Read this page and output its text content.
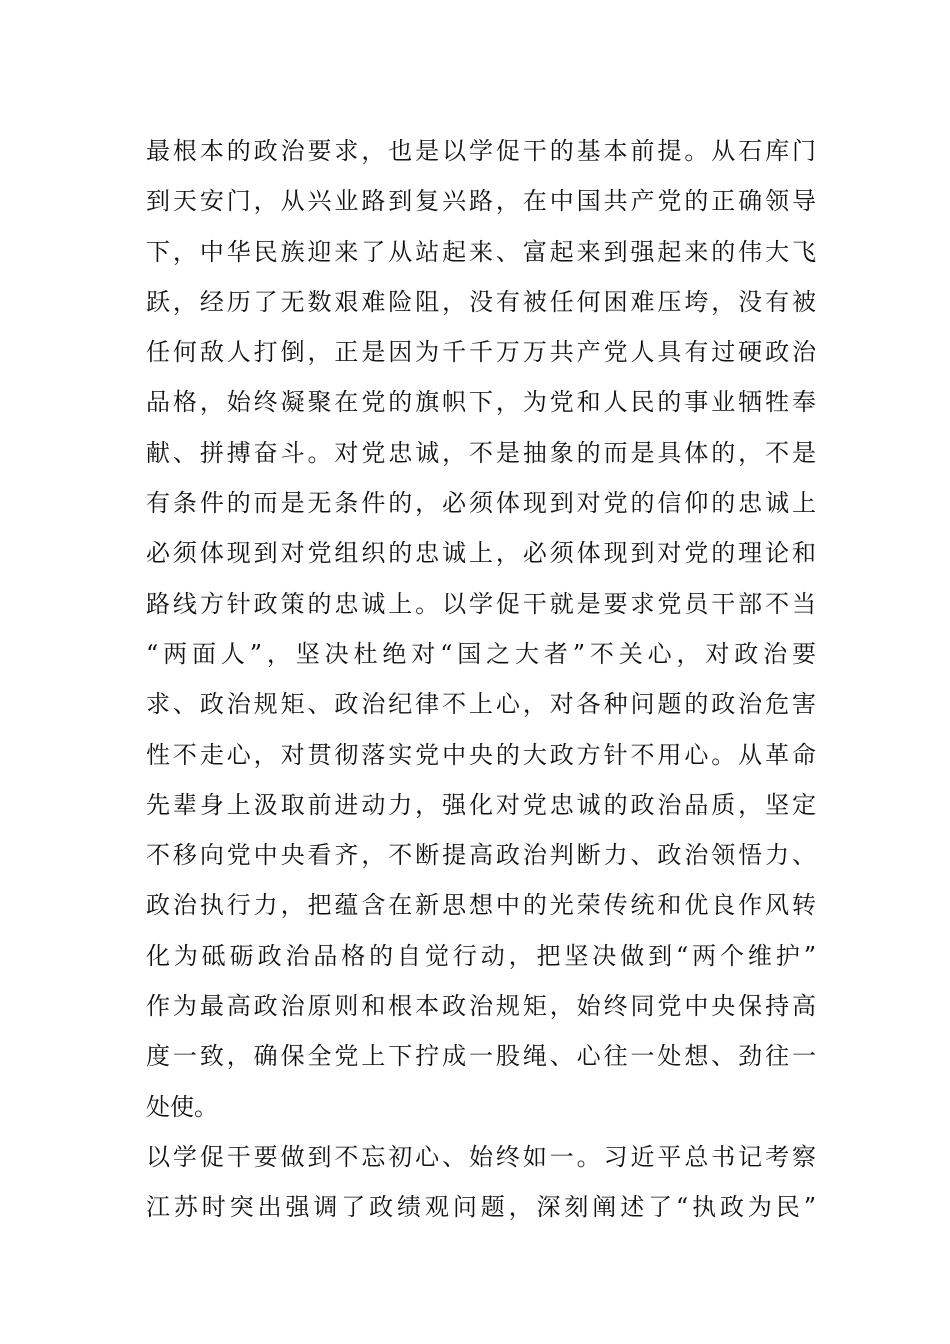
最根本的政治要求，也是以学促干的基本前提。从石库门
到天安门，从兴业路到复兴路，在中国共产党的正确领导
下，中华民族迎来了从站起来、富起来到强起来的伟大飞
跃，经历了无数艰难险阻，没有被任何困难压垮，没有被
任何敌人打倒，正是因为千千万万共产党人具有过硬政治
品格，始终凝聚在党的旗帜下，为党和人民的事业牺牲奉
献、拼搏奋斗。对党忠诚，不是抽象的而是具体的，不是
有条件的而是无条件的，必须体现到对党的信仰的忠诚上
必须体现到对党组织的忠诚上，必须体现到对党的理论和
路线方针政策的忠诚上。以学促干就是要求党员干部不当
“两面人”，坚决杜绝对“国之大者”不关心，对政治要
求、政治规矩、政治纪律不上心，对各种问题的政治危害
性不走心，对贯彻落实党中央的大政方针不用心。从革命
先辈身上汲取前进动力，强化对党忠诚的政治品质，坚定
不移向党中央看齐，不断提高政治判断力、政治领悟力、
政治执行力，把蕴含在新思想中的光荣传统和优良作风转
化为砥砺政治品格的自觉行动，把坚决做到“两个维护”
作为最高政治原则和根本政治规矩，始终同党中央保持高
度一致，确保全党上下拧成一股绳、心往一处想、劲往一
处使。
以学促干要做到不忘初心、始终如一。习近平总书记考察
江苏时突出强调了政绩观问题，深刻阐述了“执政为民”
